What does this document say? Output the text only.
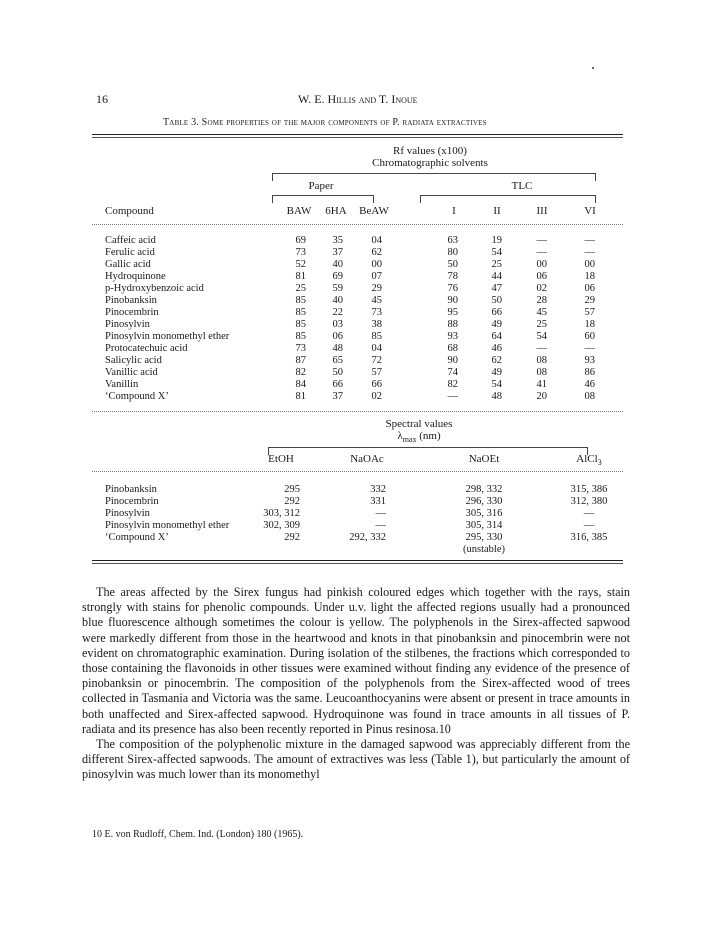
16	W. E. Hillis and T. Inoue
Table 3. Some properties of the major components of P. radiata extractives
Rf values (x100)
Chromatographic solvents
Paper	TLC
Compound	BAW 6HA BeAW	I	II	III	VI
Caffeic acid	69	35	04	63	19	—	—
Ferulic acid	73	37	62	80	54	—	—
Gallic acid	52	40	00	50	25	00	00
Hydroquinone	81	69	07	78	44	06	18
p-Hydroxybenzoic acid	25	59	29	76	47	02	06
Pinobanksin	85	40	45	90	50	28	29
Pinocembrin	85	22	73	95	66	45	57
Pinosylvin	85	03	38	88	49	25	18
Pinosylvin monomethyl ether	85	06	85	93	64	54	60
Protocatechuic acid	73	48	04	68	46	—	—
Salicylic acid	87	65	72	90	62	08	93
Vanillic acid	82	50	57	74	49	08	86
Vanillin	84	66	66	82	54	41	46
‘Compound X’	81	37	02	—	48	20	08
Spectral values
$\lambda_{max}$ (nm)
EtOH	NaOAc	NaOEt	AlCl$_3$
Pinobanksin	295	332	298, 332	315, 386
Pinocembrin	292	331	296, 330	312, 380
Pinosylvin	303, 312	—	305, 316	—
Pinosylvin monomethyl ether	302, 309	—	305, 314	—
‘Compound X’	292	292, 332	295, 330	316, 385
(unstable)

The areas affected by the Sirex fungus had pinkish coloured edges which together with the rays, stain strongly with stains for phenolic compounds. Under u.v. light the affected regions usually had a pronounced blue fluorescence although sometimes the colour is yellow. The polyphenols in the Sirex-affected sapwood were markedly different from those in the heartwood and knots in that pinobanksin and pinocembrin were not evident on chromatographic examination. During isolation of the stilbenes, the fractions which corresponded to those containing the flavonoids in other tissues were examined without finding any evidence of the presence of pinobanksin or pinocembrin. The composition of the polyphenols from the Sirex-affected wood of trees collected in Tasmania and Victoria was the same. Leucoanthocyanins were absent or present in trace amounts in both unaffected and Sirex-affected sapwood. Hydroquinone was found in trace amounts in all tissues of P. radiata and its presence has also been recently reported in Pinus resinosa.10

The composition of the polyphenolic mixture in the damaged sapwood was appreciably different from the different Sirex-affected sapwoods. The amount of extractives was less (Table 1), but particularly the amount of pinosylvin was much lower than its monomethyl

10 E. von Rudloff, Chem. Ind. (London) 180 (1965).
